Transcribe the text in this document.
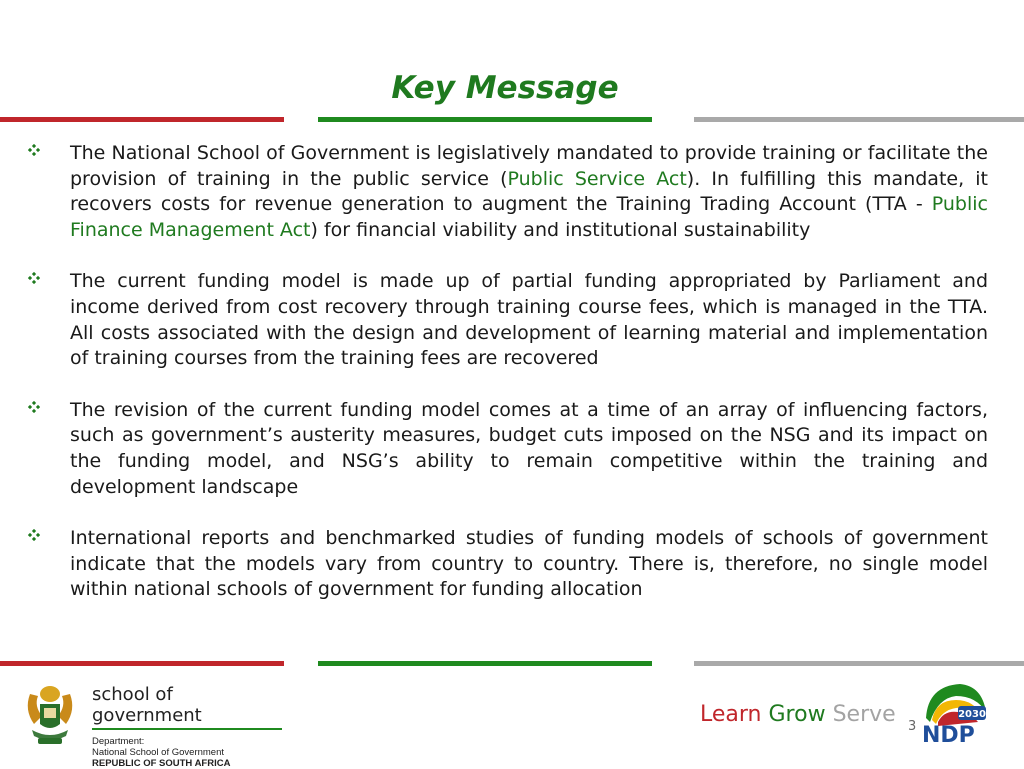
Key Message
The National School of Government is legislatively mandated to provide training or facilitate the provision of training in the public service (Public Service Act). In fulfilling this mandate, it recovers costs for revenue generation to augment the Training Trading Account (TTA - Public Finance Management Act) for financial viability and institutional sustainability
The current funding model is made up of partial funding appropriated by Parliament and income derived from cost recovery through training course fees, which is managed in the TTA. All costs associated with the design and development of learning material and implementation of training courses from the training fees are recovered
The revision of the current funding model comes at a time of an array of influencing factors, such as government’s austerity measures, budget cuts imposed on the NSG and its impact on the funding model, and NSG’s ability to remain competitive within the training and development landscape
International reports and benchmarked studies of funding models of schools of government indicate that the models vary from country to country. There is, therefore, no single model within national schools of government for funding allocation
school of government
Department:
National School of Government
REPUBLIC OF SOUTH AFRICA
Learn Grow Serve 3
2030
NDP
